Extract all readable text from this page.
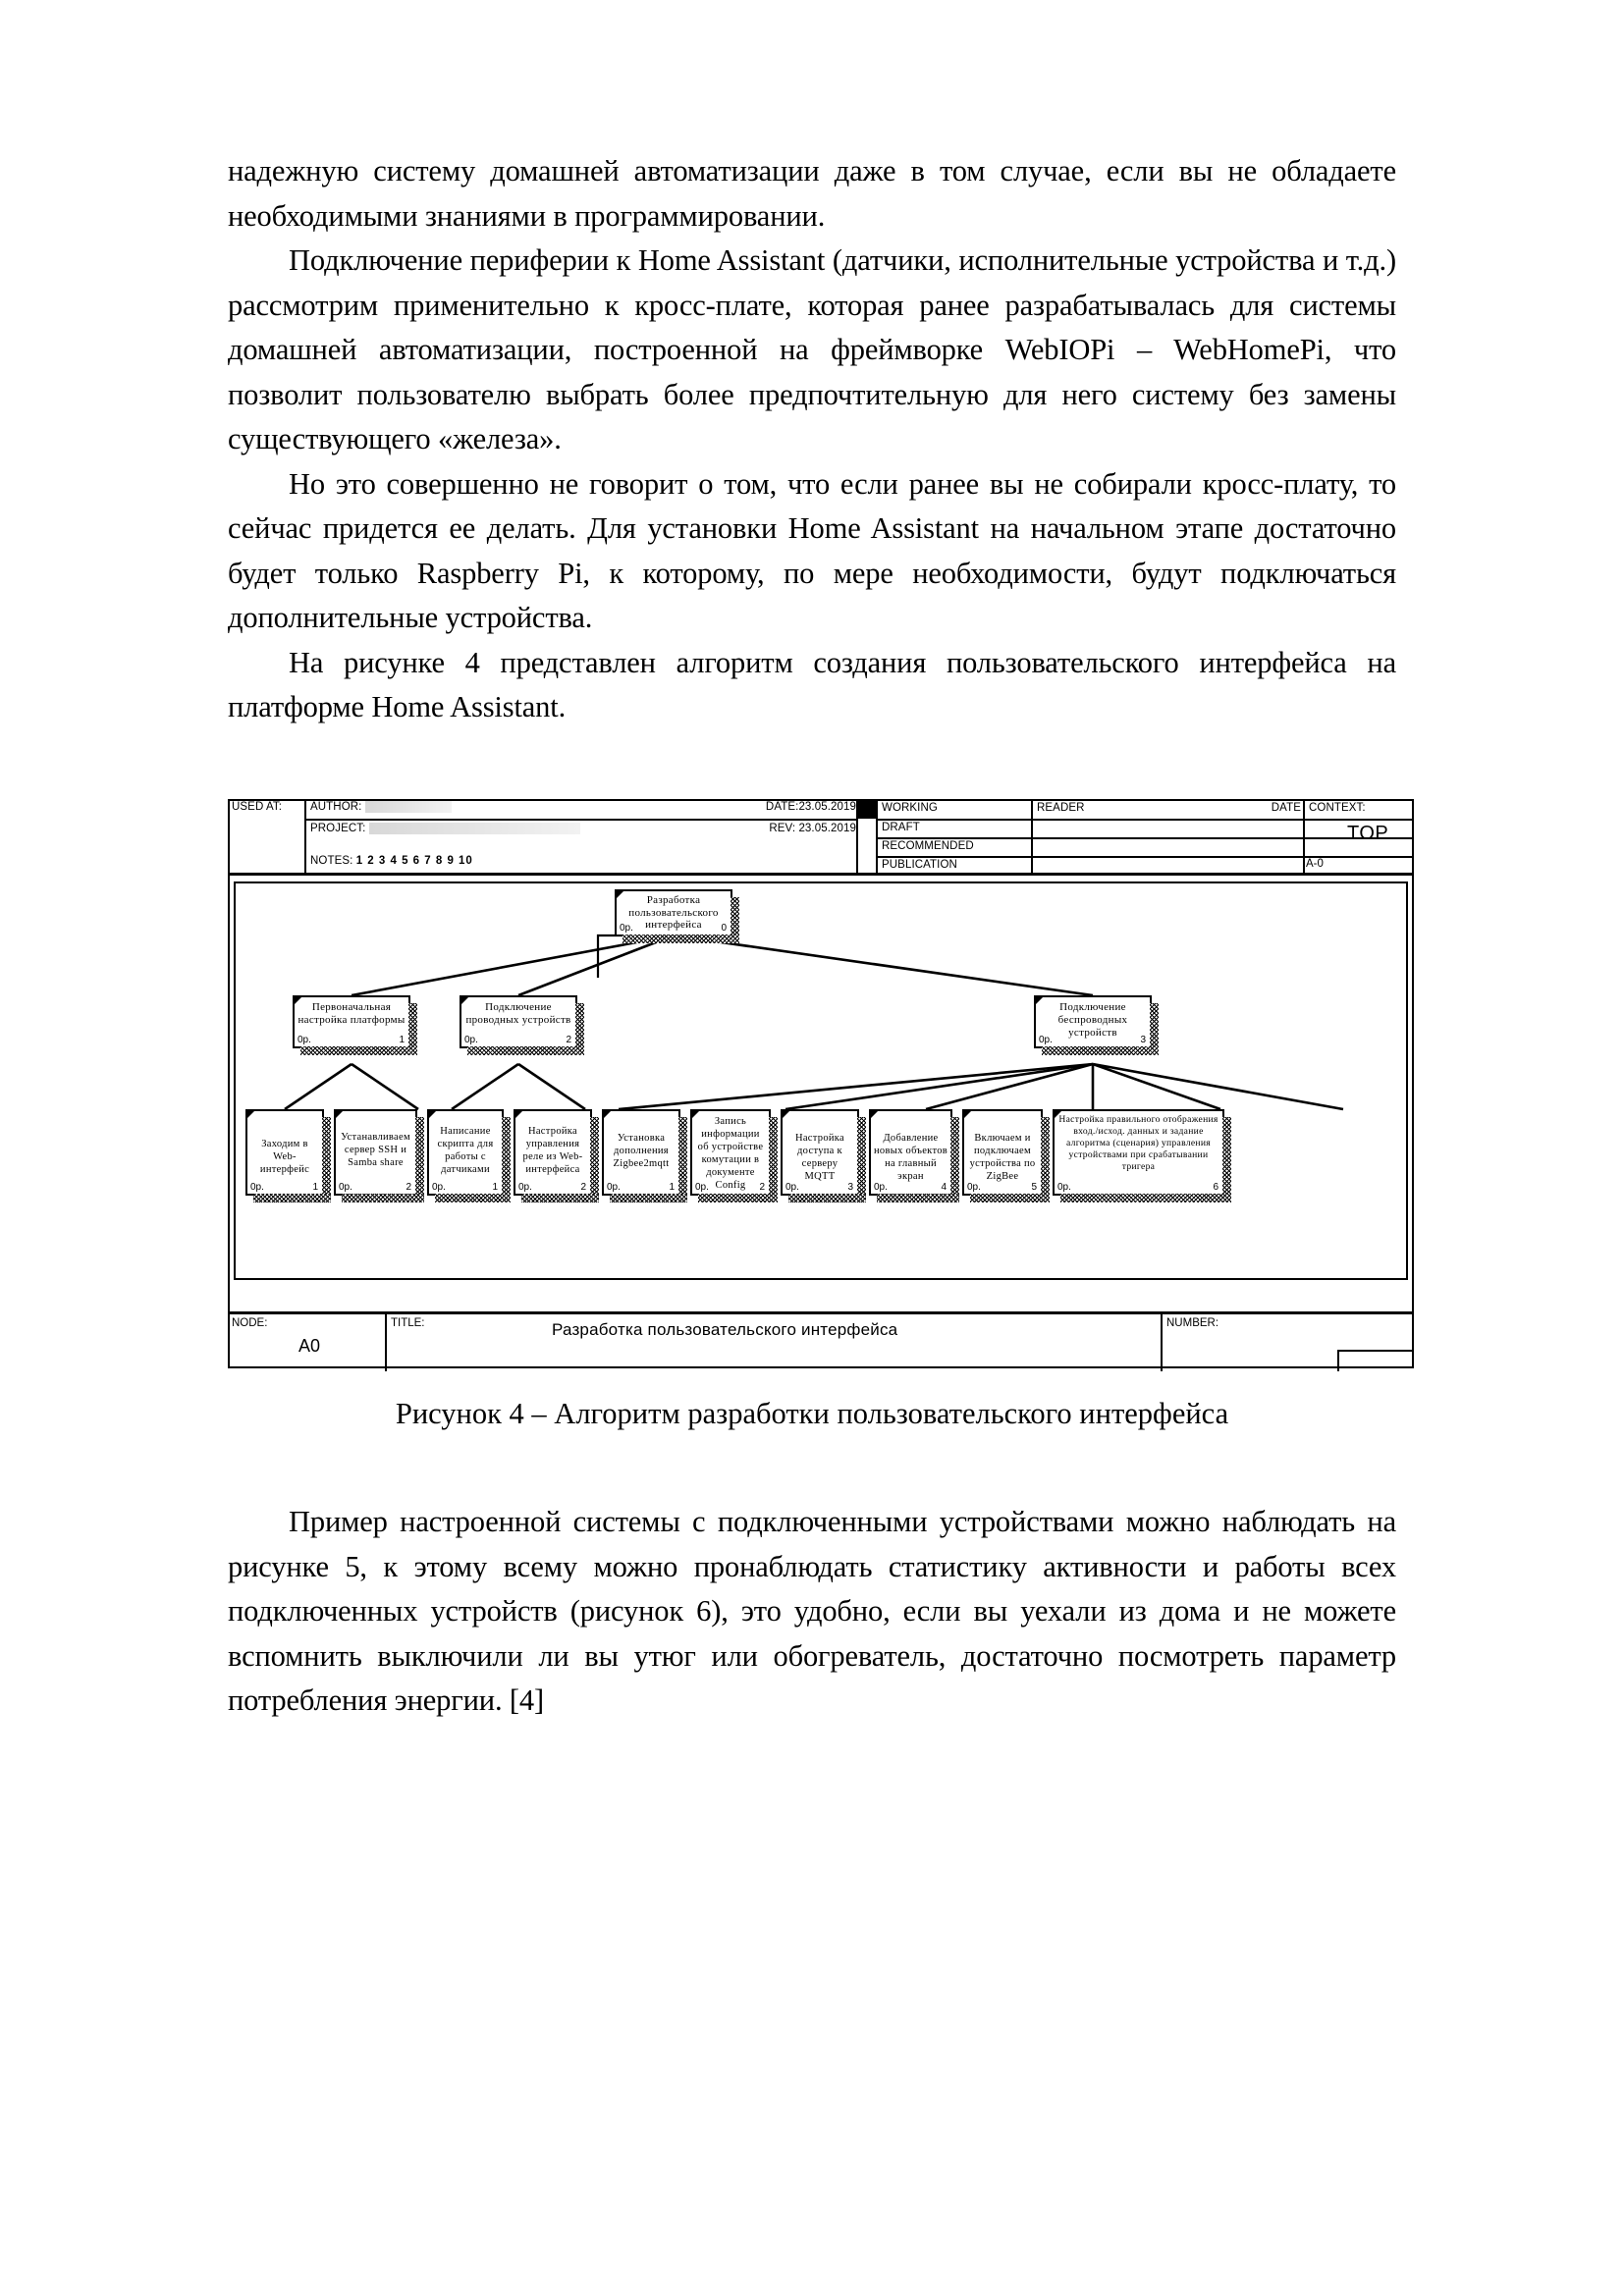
надежную систему домашней автоматизации даже в том случае, если вы не обладаете необходимыми знаниями в программировании.

Подключение периферии к Home Assistant (датчики, исполнительные устройства и т.д.) рассмотрим применительно к кросс-плате, которая ранее разрабатывалась для системы домашней автоматизации, построенной на фреймворке WebIOPi – WebHomePi, что позволит пользователю выбрать более предпочтительную для него систему без замены существующего «железа».

Но это совершенно не говорит о том, что если ранее вы не собирали кросс-плату, то сейчас придется ее делать. Для установки Home Assistant на начальном этапе достаточно будет только Raspberry Pi, к которому, по мере необходимости, будут подключаться дополнительные устройства.

На рисунке 4 представлен алгоритм создания пользовательского интерфейса на платформе Home Assistant.

USED AT:	AUTHOR:
PROJECT:
NOTES: 1 2 3 4 5 6 7 8 9 10
DATE:23.05.2019
REV: 23.05.2019
WORKING
DRAFT
RECOMMENDED
PUBLICATION
READER	DATE CONTEXT:
TOP
A-0
Разработка пользовательского интерфейса
0р.	0
Первоначальная настройка платформы
0р.	1
Подключение проводных устройств
0р.	2
Подключение беспроводных устройств
0р.	3
Заходим в Web-интерфейс
0р.	1
Устанавливаем сервер SSH и Samba share
0р.	2
Написание скрипта для работы с датчиками
0р.	1
Настройка управления реле из Web-интерфейса
0р.	2
Установка дополнения Zigbee2mqtt
0р.	1
Запись информации об устройстве комутации в документе Config
0р.	2
Настройка доступа к серверу MQTT
0р.	3
Добавление новых объектов на главный экран
0р.	4
Включаем и подключаем устройства по ZigBee
0р.	5
Настройка правильного отображения вход./исход. данных и задание алгоритма (сценария) управления устройствами при срабатывании тригера
0р.	6
NODE:
A0
TITLE:	Разработка пользовательского интерфейса	NUMBER:
Рисунок 4 – Алгоритм разработки пользовательского интерфейса

Пример настроенной системы с подключенными устройствами можно наблюдать на рисунке 5, к этому всему можно пронаблюдать статистику активности и работы всех подключенных устройств (рисунок 6), это удобно, если вы уехали из дома и не можете вспомнить выключили ли вы утюг или обогреватель, достаточно посмотреть параметр потребления энергии. [4]
